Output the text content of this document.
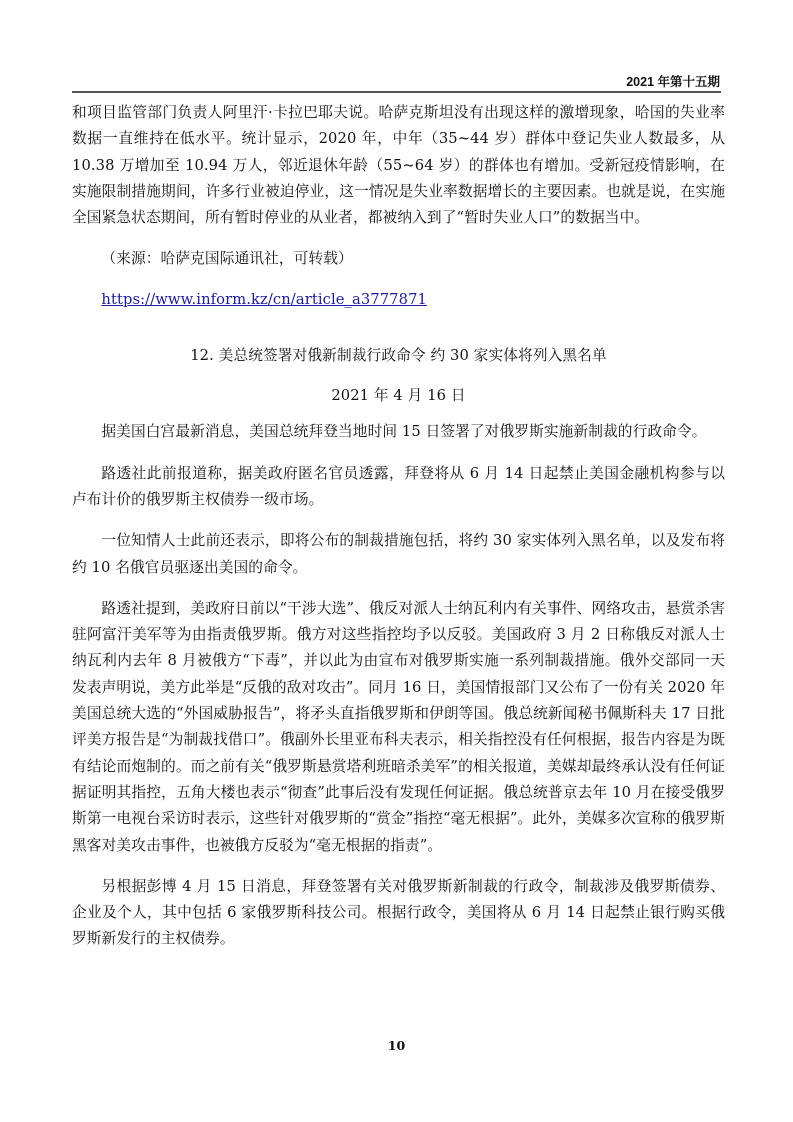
2021 年第十五期

和项目监管部门负责人阿里汗·卡拉巴耶夫说。哈萨克斯坦没有出现这样的激增现象，哈国的失业率数据一直维持在低水平。统计显示，2020 年，中年（35~44 岁）群体中登记失业人数最多，从 10.38 万增加至 10.94 万人，邻近退休年龄（55~64 岁）的群体也有增加。受新冠疫情影响，在实施限制措施期间，许多行业被迫停业，这一情况是失业率数据增长的主要因素。也就是说，在实施全国紧急状态期间，所有暂时停业的从业者，都被纳入到了“暂时失业人口”的数据当中。

（来源：哈萨克国际通讯社，可转载）

https://www.inform.kz/cn/article_a3777871
12. 美总统签署对俄新制裁行政命令 约 30 家实体将列入黑名单
2021 年 4 月 16 日

据美国白宫最新消息，美国总统拜登当地时间 15 日签署了对俄罗斯实施新制裁的行政命令。

路透社此前报道称，据美政府匿名官员透露，拜登将从 6 月 14 日起禁止美国金融机构参与以卢布计价的俄罗斯主权债券一级市场。

一位知情人士此前还表示，即将公布的制裁措施包括，将约 30 家实体列入黑名单，以及发布将约 10 名俄官员驱逐出美国的命令。

路透社提到，美政府日前以“干涉大选”、俄反对派人士纳瓦利内有关事件、网络攻击，悬赏杀害驻阿富汗美军等为由指责俄罗斯。俄方对这些指控均予以反驳。美国政府 3 月 2 日称俄反对派人士纳瓦利内去年 8 月被俄方“下毒”，并以此为由宣布对俄罗斯实施一系列制裁措施。俄外交部同一天发表声明说，美方此举是“反俄的敌对攻击”。同月 16 日，美国情报部门又公布了一份有关 2020 年美国总统大选的“外国威胁报告”，将矛头直指俄罗斯和伊朗等国。俄总统新闻秘书佩斯科夫 17 日批评美方报告是“为制裁找借口”。俄副外长里亚布科夫表示，相关指控没有任何根据，报告内容是为既有结论而炮制的。而之前有关“俄罗斯悬赏塔利班暗杀美军”的相关报道，美媒却最终承认没有任何证据证明其指控，五角大楼也表示“彻查”此事后没有发现任何证据。俄总统普京去年 10 月在接受俄罗斯第一电视台采访时表示，这些针对俄罗斯的“赏金”指控“毫无根据”。此外，美媒多次宣称的俄罗斯黑客对美攻击事件，也被俄方反驳为“毫无根据的指责”。

另根据彭博 4 月 15 日消息，拜登签署有关对俄罗斯新制裁的行政令，制裁涉及俄罗斯债券、企业及个人，其中包括 6 家俄罗斯科技公司。根据行政令，美国将从 6 月 14 日起禁止银行购买俄罗斯新发行的主权债券。

10
